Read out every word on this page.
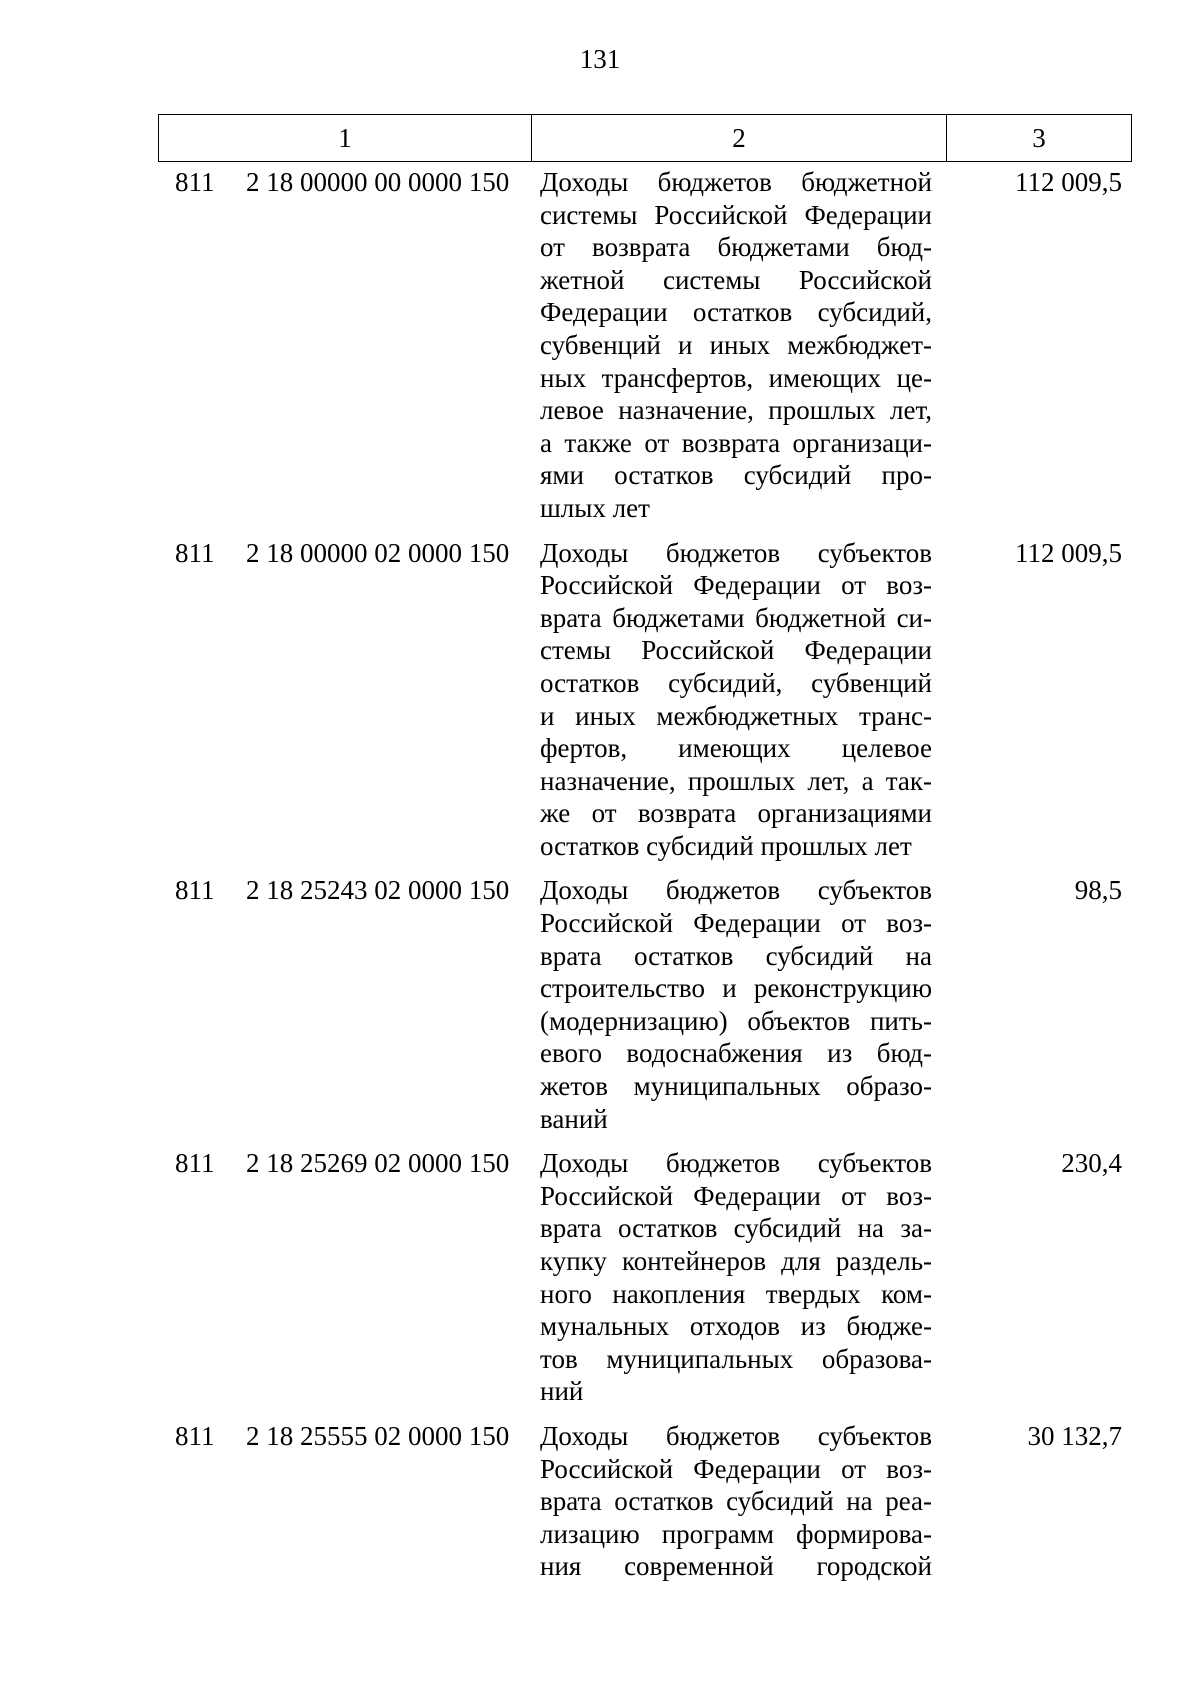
131
1	2	3
811 2 18 00000 00 0000 150 Доходы бюджетов бюджетной
системы Российской Федерации
от возврата бюджетами бюд-
жетной системы Российской
Федерации остатков субсидий,
субвенций и иных межбюджет-
ных трансфертов, имеющих це-
левое назначение, прошлых лет,
а также от возврата организаци-
ями остатков субсидий про-
шлых лет
112 009,5
811 2 18 00000 02 0000 150 Доходы бюджетов субъектов
Российской Федерации от воз-
врата бюджетами бюджетной си-
стемы Российской Федерации
остатков субсидий, субвенций
и иных межбюджетных транс-
фертов, имеющих целевое
назначение, прошлых лет, а так-
же от возврата организациями
остатков субсидий прошлых лет
112 009,5
811 2 18 25243 02 0000 150 Доходы бюджетов субъектов
Российской Федерации от воз-
врата остатков субсидий на
строительство и реконструкцию
(модернизацию) объектов пить-
евого водоснабжения из бюд-
жетов муниципальных образо-
ваний
98,5
811 2 18 25269 02 0000 150 Доходы бюджетов субъектов
Российской Федерации от воз-
врата остатков субсидий на за-
купку контейнеров для раздель-
ного накопления твердых ком-
мунальных отходов из бюдже-
тов муниципальных образова-
ний
230,4
811 2 18 25555 02 0000 150 Доходы бюджетов субъектов
Российской Федерации от воз-
врата остатков субсидий на реа-
лизацию программ формирова-
ния современной городской
30 132,7
